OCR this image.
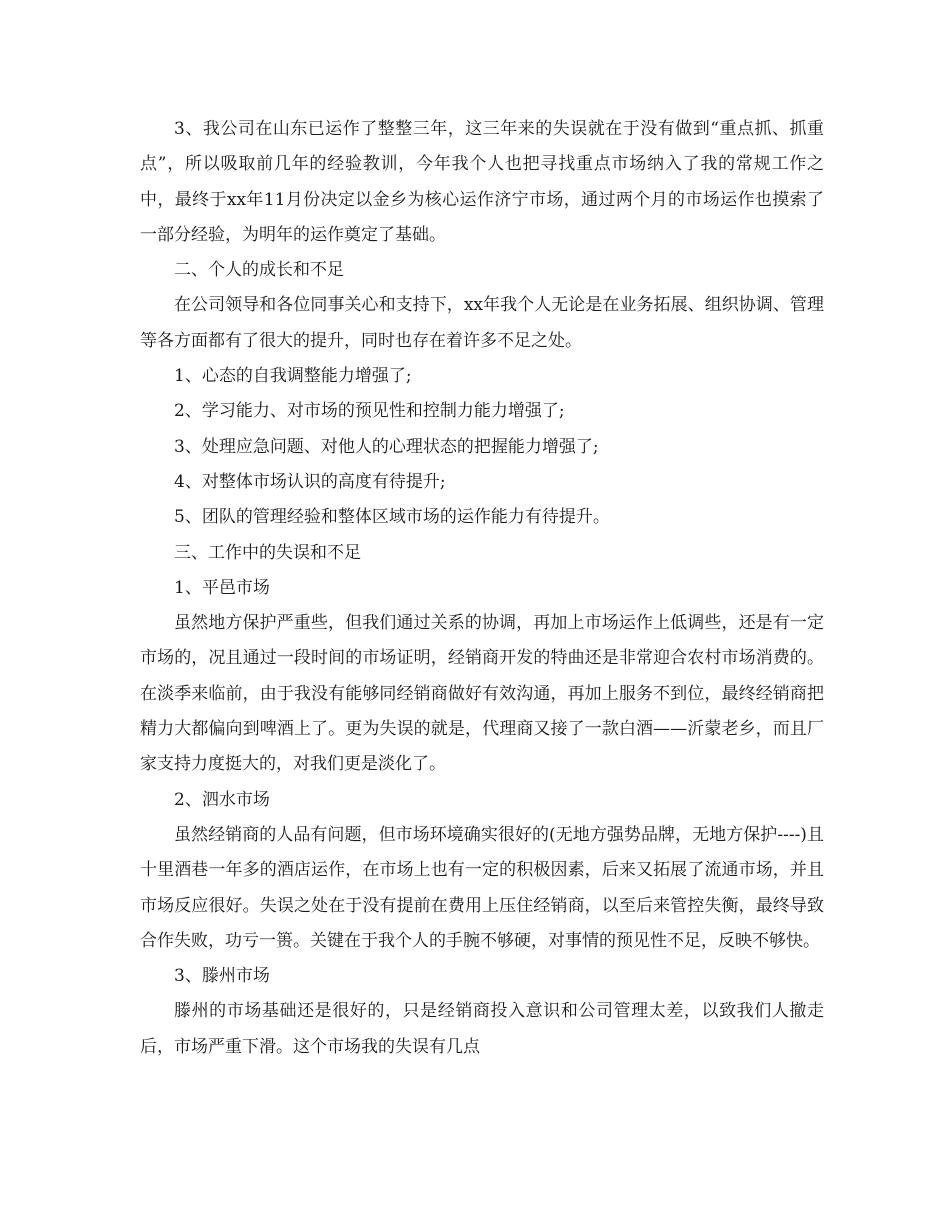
3、我公司在山东已运作了整整三年，这三年来的失误就在于没有做到“重点抓、抓重点”，所以吸取前几年的经验教训，今年我个人也把寻找重点市场纳入了我的常规工作之中，最终于xx年11月份决定以金乡为核心运作济宁市场，通过两个月的市场运作也摸索了一部分经验，为明年的运作奠定了基础。

二、个人的成长和不足

在公司领导和各位同事关心和支持下，xx年我个人无论是在业务拓展、组织协调、管理等各方面都有了很大的提升，同时也存在着许多不足之处。

1、心态的自我调整能力增强了;

2、学习能力、对市场的预见性和控制力能力增强了;

3、处理应急问题、对他人的心理状态的把握能力增强了;

4、对整体市场认识的高度有待提升;

5、团队的管理经验和整体区域市场的运作能力有待提升。

三、工作中的失误和不足

1、平邑市场

虽然地方保护严重些，但我们通过关系的协调，再加上市场运作上低调些，还是有一定市场的，况且通过一段时间的市场证明，经销商开发的特曲还是非常迎合农村市场消费的。在淡季来临前，由于我没有能够同经销商做好有效沟通，再加上服务不到位，最终经销商把精力大都偏向到啤酒上了。更为失误的就是，代理商又接了一款白酒——沂蒙老乡，而且厂家支持力度挺大的，对我们更是淡化了。

2、泗水市场

虽然经销商的人品有问题，但市场环境确实很好的(无地方强势品牌，无地方保护----)且十里酒巷一年多的酒店运作，在市场上也有一定的积极因素，后来又拓展了流通市场，并且市场反应很好。失误之处在于没有提前在费用上压住经销商，以至后来管控失衡，最终导致合作失败，功亏一篑。关键在于我个人的手腕不够硬，对事情的预见性不足，反映不够快。

3、滕州市场

滕州的市场基础还是很好的，只是经销商投入意识和公司管理太差，以致我们人撤走后，市场严重下滑。这个市场我的失误有几点
